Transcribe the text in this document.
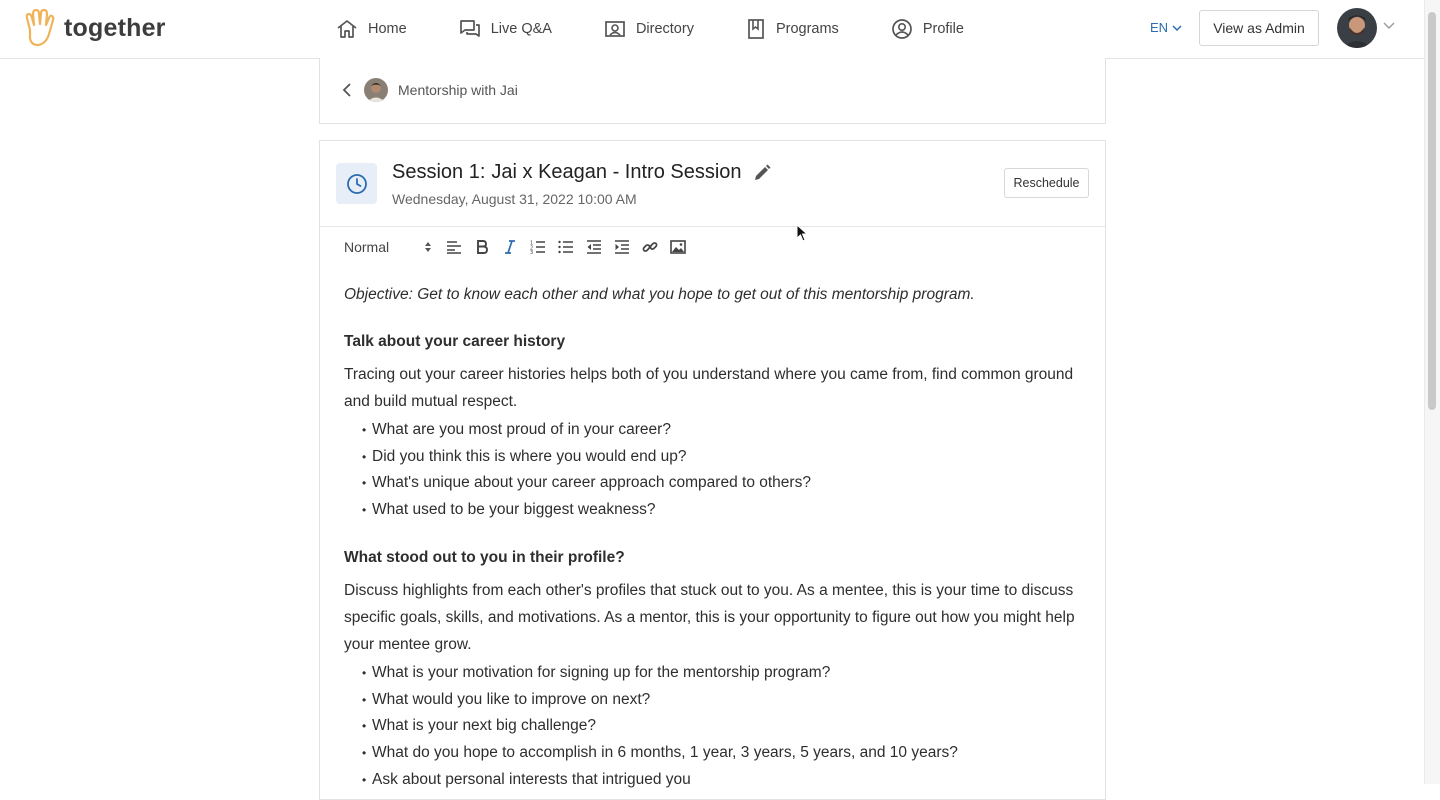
together	Home	Live Q&A	Directory	Programs	Profile	EN	View as Admin
Mentorship with Jai
Session 1: Jai x Keagan - Intro Session
Wednesday, August 31, 2022 10:00 AM
Reschedule
Normal	1
2
3

Objective: Get to know each other and what you hope to get out of this mentorship program.

Talk about your career history

Tracing out your career histories helps both of you understand where you came from, find common ground and build mutual respect.

• What are you most proud of in your career?
• Did you think this is where you would end up?
• What's unique about your career approach compared to others?
• What used to be your biggest weakness?
What stood out to you in their profile?

Discuss highlights from each other's profiles that stuck out to you. As a mentee, this is your time to discuss specific goals, skills, and motivations. As a mentor, this is your opportunity to figure out how you might help your mentee grow.

• What is your motivation for signing up for the mentorship program?
• What would you like to improve on next?
• What is your next big challenge?
• What do you hope to accomplish in 6 months, 1 year, 3 years, 5 years, and 10 years?
• Ask about personal interests that intrigued you
